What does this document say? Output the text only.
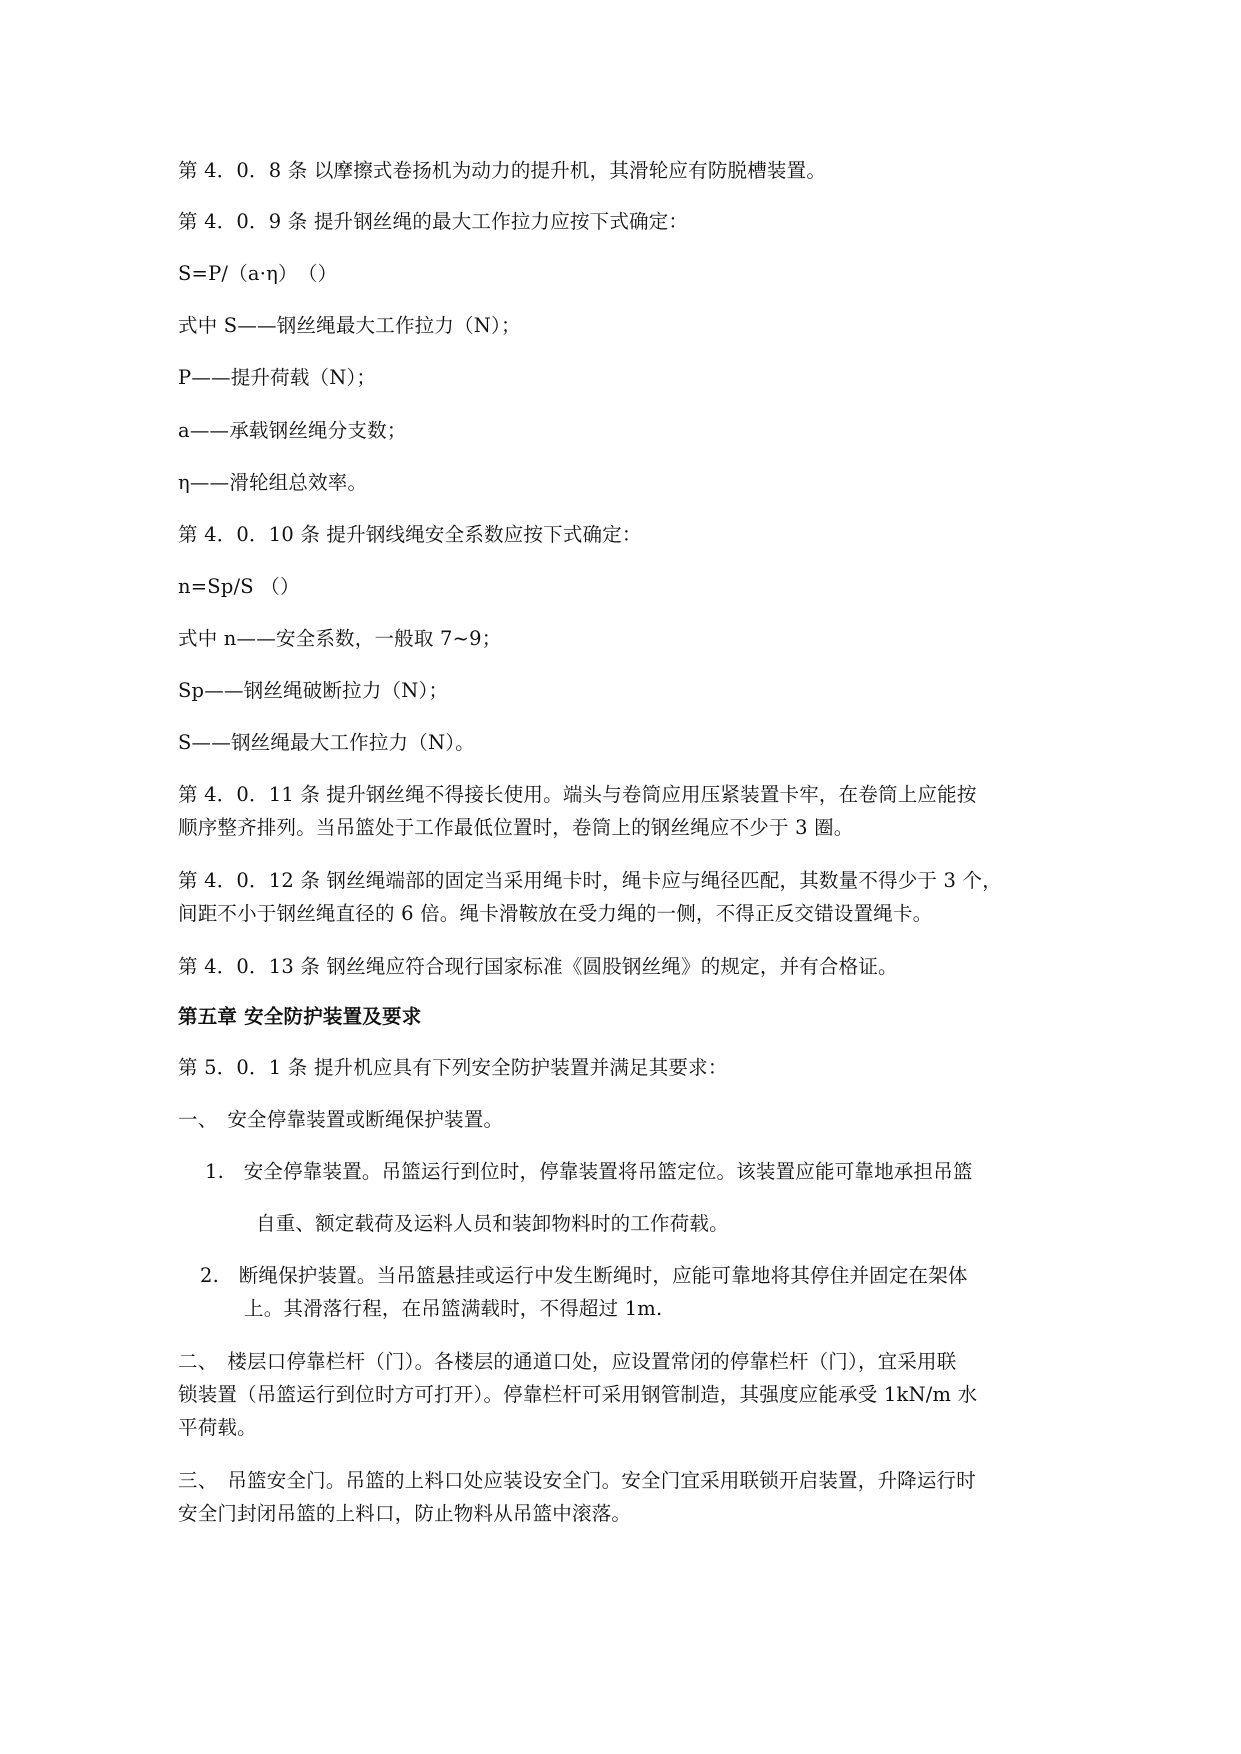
第 4．0．8 条 以摩擦式卷扬机为动力的提升机，其滑轮应有防脱槽装置。
第 4．0．9 条 提升钢丝绳的最大工作拉力应按下式确定：
S=P/（a·η）　（）
式中 S——钢丝绳最大工作拉力（N）；
P——提升荷载（N）；
a——承载钢丝绳分支数；
η——滑轮组总效率。
第 4．0．10 条 提升钢线绳安全系数应按下式确定：
n=Sp/S （）
式中 n——安全系数，一般取 7~9；
Sp——钢丝绳破断拉力（N）；
S——钢丝绳最大工作拉力（N）。
第 4．0．11 条 提升钢丝绳不得接长使用。端头与卷筒应用压紧装置卡牢，在卷筒上应能按
顺序整齐排列。当吊篮处于工作最低位置时，卷筒上的钢丝绳应不少于 3 圈。
第 4．0．12 条 钢丝绳端部的固定当采用绳卡时，绳卡应与绳径匹配，其数量不得少于 3 个，
间距不小于钢丝绳直径的 6 倍。绳卡滑鞍放在受力绳的一侧，不得正反交错设置绳卡。
第 4．0．13 条 钢丝绳应符合现行国家标准《圆股钢丝绳》的规定，并有合格证。
第五章 安全防护装置及要求
第 5．0．1 条 提升机应具有下列安全防护装置并满足其要求：
一、　安全停靠装置或断绳保护装置。
1.　安全停靠装置。吊篮运行到位时，停靠装置将吊篮定位。该装置应能可靠地承担吊篮
自重、额定载荷及运料人员和装卸物料时的工作荷载。
2.　断绳保护装置。当吊篮悬挂或运行中发生断绳时，应能可靠地将其停住并固定在架体
上。其滑落行程，在吊篮满载时，不得超过 1m.
二、　楼层口停靠栏杆（门）。各楼层的通道口处，应设置常闭的停靠栏杆（门），宜采用联
锁装置（吊篮运行到位时方可打开）。停靠栏杆可采用钢管制造，其强度应能承受 1kN/m 水
平荷载。
三、　吊篮安全门。吊篮的上料口处应装设安全门。安全门宜采用联锁开启装置，升降运行时
安全门封闭吊篮的上料口，防止物料从吊篮中滚落。
